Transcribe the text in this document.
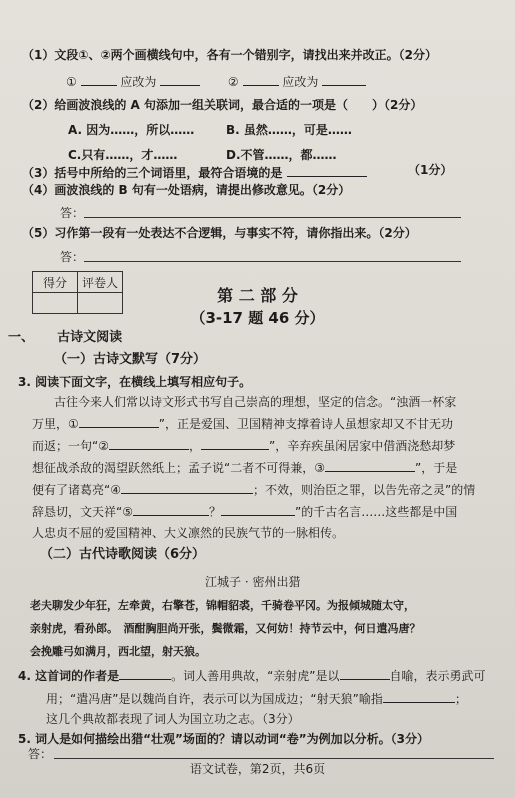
（1）文段①、②两个画横线句中，各有一个错别字，请找出来并改正。（2分）
①	应改为	②	应改为
（2）给画波浪线的 A 句添加一组关联词，最合适的一项是（　　）（2分）
A. 因为……，所以……	B. 虽然……，可是……
C.只有……，才……	D.不管……，都……
（3）括号中所给的三个词语里，最符合语境的是	（1分）
（4）画波浪线的 B 句有一处语病，请提出修改意见。（2分）
答：
（5）习作第一段有一处表达不合逻辑，与事实不符，请你指出来。（2分）
答：
得分	评卷人

第 二 部 分
（3-17 题 46 分）
一、 古诗文阅读
（一）古诗文默写（7分）
3. 阅读下面文字，在横线上填写相应句子。
古往今来人们常以诗文形式书写自己崇高的理想，坚定的信念。“浊酒一杯家
万里，①	”，正是爱国、卫国精神支撑着诗人虽想家却又不甘无功
而返；一句“②	，	”，辛弃疾虽闲居家中借酒浇愁却梦
想征战杀敌的渴望跃然纸上；孟子说“二者不可得兼，③	”，于是
便有了诸葛亮“④	；不效，则治臣之罪，以告先帝之灵”的情
辞恳切，文天祥“⑤	？	”的千古名言……这些都是中国
人忠贞不屈的爱国精神、大义凛然的民族气节的一脉相传。
（二）古代诗歌阅读（6分）
江城子 · 密州出猎
老夫聊发少年狂，左牵黄，右擎苍，锦帽貂裘，千骑卷平冈。为报倾城随太守，
亲射虎，看孙郎。　酒酣胸胆尚开张，鬓微霜，又何妨！持节云中，何日遣冯唐？
会挽雕弓如满月，西北望，射天狼。
4. 这首词的作者是	。词人善用典故，“亲射虎”是以	自喻，表示勇武可
用；“遣冯唐”是以魏尚自许，表示可以为国成边；“射天狼”喻指	；
这几个典故都表现了词人为国立功之志。（3分）
5. 词人是如何描绘出猎“壮观”场面的？请以动词“卷”为例加以分析。（3分）
答：
语文试卷，第2页，共6页
